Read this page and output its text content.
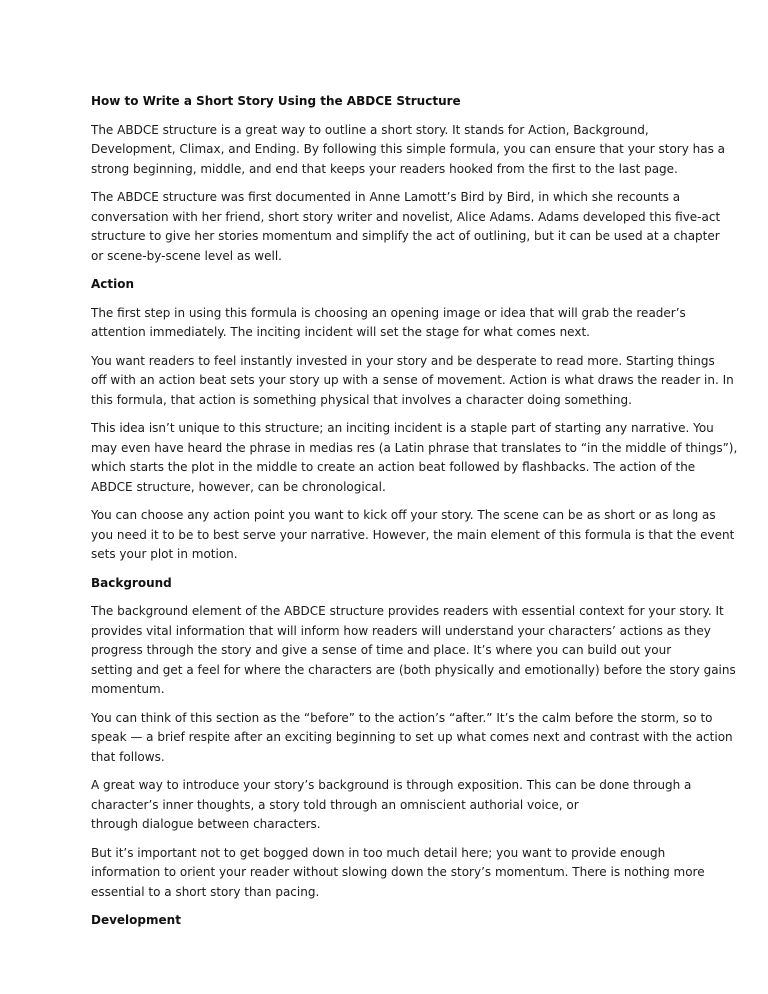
How to Write a Short Story Using the ABDCE Structure

The ABDCE structure is a great way to outline a short story. It stands for Action, Background,
Development, Climax, and Ending. By following this simple formula, you can ensure that your story has a
strong beginning, middle, and end that keeps your readers hooked from the first to the last page.

The ABDCE structure was first documented in Anne Lamott’s Bird by Bird, in which she recounts a
conversation with her friend, short story writer and novelist, Alice Adams. Adams developed this five-act
structure to give her stories momentum and simplify the act of outlining, but it can be used at a chapter
or scene-by-scene level as well.

Action

The first step in using this formula is choosing an opening image or idea that will grab the reader’s
attention immediately. The inciting incident will set the stage for what comes next.

You want readers to feel instantly invested in your story and be desperate to read more. Starting things
off with an action beat sets your story up with a sense of movement. Action is what draws the reader in. In
this formula, that action is something physical that involves a character doing something.

This idea isn’t unique to this structure; an inciting incident is a staple part of starting any narrative. You
may even have heard the phrase in medias res (a Latin phrase that translates to “in the middle of things”),
which starts the plot in the middle to create an action beat followed by flashbacks. The action of the
ABDCE structure, however, can be chronological.

You can choose any action point you want to kick off your story. The scene can be as short or as long as
you need it to be to best serve your narrative. However, the main element of this formula is that the event
sets your plot in motion.

Background

The background element of the ABDCE structure provides readers with essential context for your story. It
provides vital information that will inform how readers will understand your characters’ actions as they
progress through the story and give a sense of time and place. It’s where you can build out your
setting and get a feel for where the characters are (both physically and emotionally) before the story gains
momentum.

You can think of this section as the “before” to the action’s “after.” It’s the calm before the storm, so to
speak — a brief respite after an exciting beginning to set up what comes next and contrast with the action
that follows.

A great way to introduce your story’s background is through exposition. This can be done through a
character’s inner thoughts, a story told through an omniscient authorial voice, or
through dialogue between characters.

But it’s important not to get bogged down in too much detail here; you want to provide enough
information to orient your reader without slowing down the story’s momentum. There is nothing more
essential to a short story than pacing.

Development
